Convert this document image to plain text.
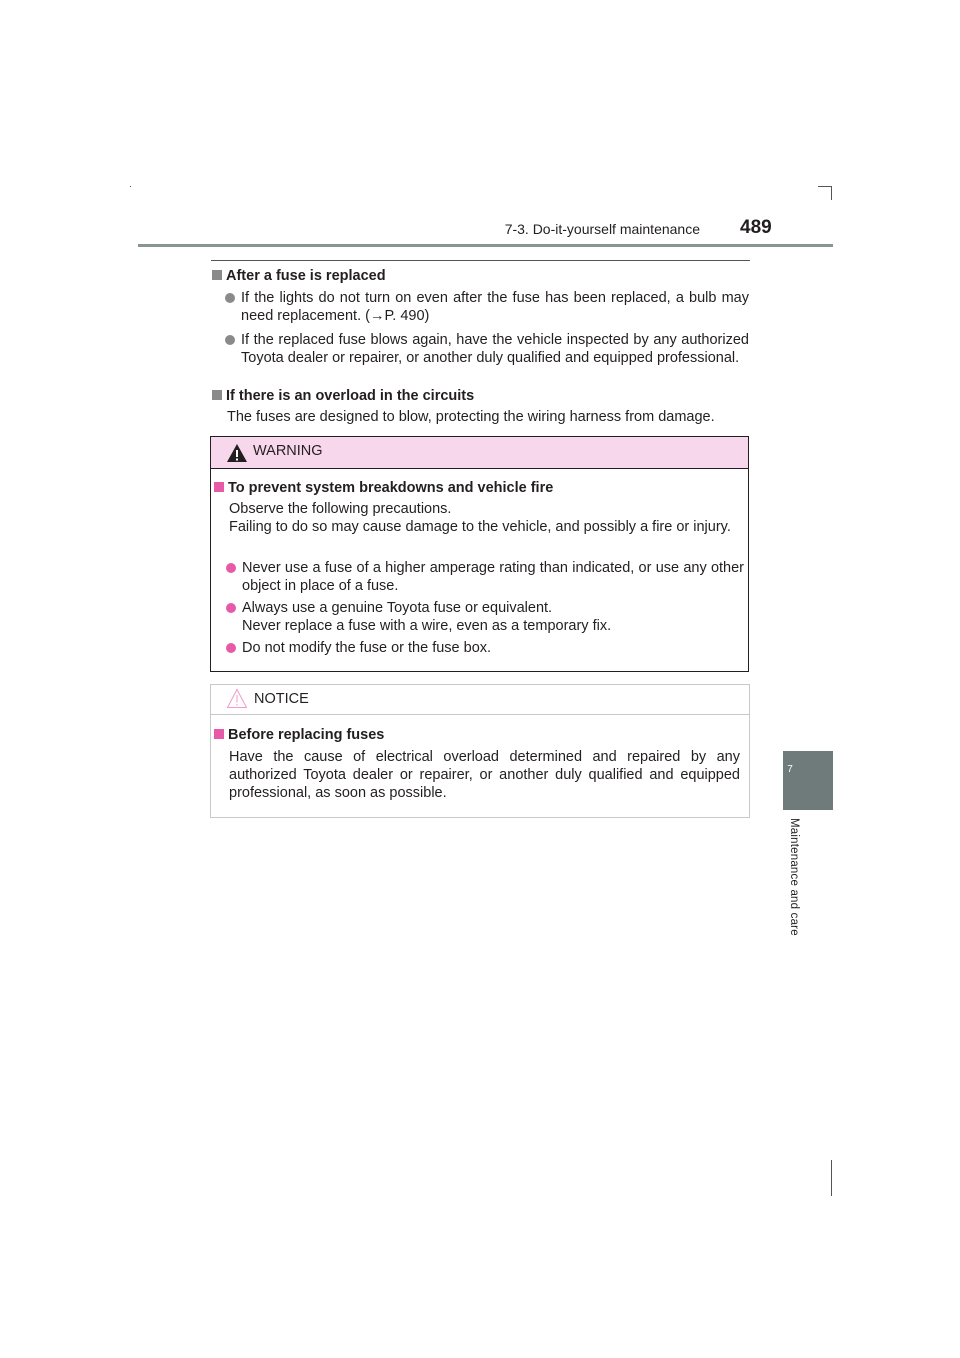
7-3. Do-it-yourself maintenance 489
7
Maintenance and care
After a fuse is replaced
If the lights do not turn on even after the fuse has been replaced, a bulb may need replacement. (→P. 490)
If the replaced fuse blows again, have the vehicle inspected by any authorized Toyota dealer or repairer, or another duly qualified and equipped professional.
If there is an overload in the circuits
The fuses are designed to blow, protecting the wiring harness from damage.
WARNING
To prevent system breakdowns and vehicle fire
Observe the following precautions.
Failing to do so may cause damage to the vehicle, and possibly a fire or injury.
Never use a fuse of a higher amperage rating than indicated, or use any other object in place of a fuse.
Always use a genuine Toyota fuse or equivalent.
Never replace a fuse with a wire, even as a temporary fix.
Do not modify the fuse or the fuse box.
NOTICE
Before replacing fuses
Have the cause of electrical overload determined and repaired by any authorized Toyota dealer or repairer, or another duly qualified and equipped professional, as soon as possible.
